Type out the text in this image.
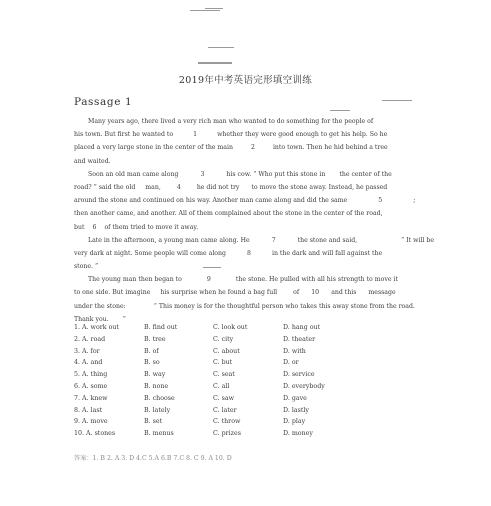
2019年中考英语完形填空训练
Passage 1
Many years ago, there lived a very rich man who wanted to do something for the people of
his town. But first he wanted to	1	whether they were good enough to get his help. So he
placed a very large stone in the center of the main	2	into town. Then he hid behind a tree
and waited.
Soon an old man came along	3	his cow. “ Who put this stone in the center of the
road? ” said the old man,	4	he did not try to move the stone away. Instead, he passed
around the stone and continued on his way. Another man came along and did the same	5	;
then another came, and another. All of them complained about the stone in the center of the road,
but 6 of them tried to move it away.
Late in the afternoon, a young man came along. He	7	the stone and said,	“ It will be
very dark at night. Some people will come along	8	in the dark and will fall against the
stone. ”
The young man then began to	9	the stone. He pulled with all his strength to move it
to one side. But imagine his surprise when he found a bag full	of 10 and this message
under the stone:	“ This money is for the thoughtful person who takes this away stone from the road.
Thank you. ”
1. A. work out	B. find out	C. look out	D. hang out
2. A. road	B. tree	C. city	D. theater
3. A. for	B. of	C. about	D. with
4. A. and	B. so	C. but	D. or
5. A. thing	B. way	C. seat	D. service
6. A. some	B. none	C. all	D. everybody
7. A. knew	B. choose	C. saw	D. gave
8. A. last	B. lately	C. later	D. lastly
9. A. move	B. set	C. throw	D. play
10. A. stones	B. menus	C. prizes	D. money
答案：1. B 2. A 3. D 4.C 5.A 6.B 7.C 8. C 9. A 10. D
